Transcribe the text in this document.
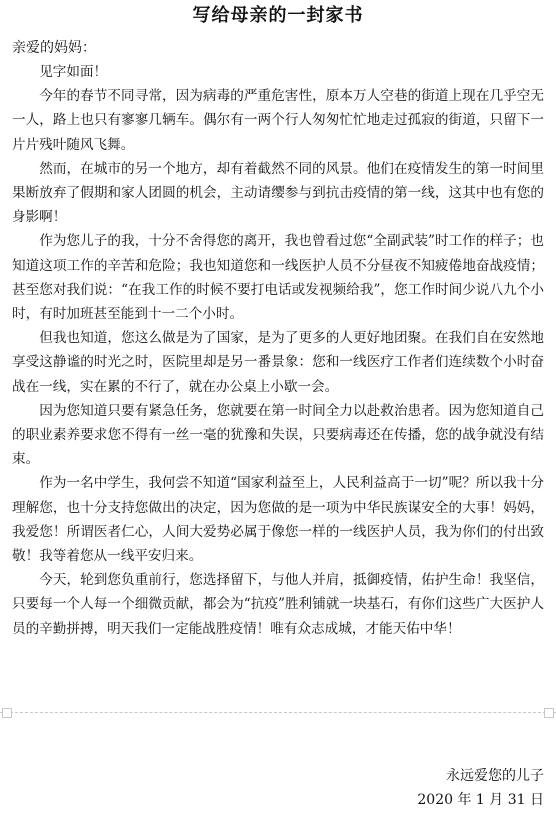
写给母亲的一封家书
亲爱的妈妈：

见字如面！

今年的春节不同寻常，因为病毒的严重危害性，原本万人空巷的街道上现在几乎空无一人，路上也只有寥寥几辆车。偶尔有一两个行人匆匆忙忙地走过孤寂的街道，只留下一片片残叶随风飞舞。

然而，在城市的另一个地方，却有着截然不同的风景。他们在疫情发生的第一时间里果断放弃了假期和家人团圆的机会，主动请缨参与到抗击疫情的第一线，这其中也有您的身影啊！

作为您儿子的我，十分不舍得您的离开，我也曾看过您“全副武装”时工作的样子；也知道这项工作的辛苦和危险；我也知道您和一线医护人员不分昼夜不知疲倦地奋战疫情；甚至您对我们说：“在我工作的时候不要打电话或发视频给我”，您工作时间少说八九个小时，有时加班甚至能到十一二个小时。

但我也知道，您这么做是为了国家，是为了更多的人更好地团聚。在我们自在安然地享受这静谧的时光之时，医院里却是另一番景象：您和一线医疗工作者们连续数个小时奋战在一线，实在累的不行了，就在办公桌上小歇一会。

因为您知道只要有紧急任务，您就要在第一时间全力以赴救治患者。因为您知道自己的职业素养要求您不得有一丝一毫的犹豫和失误，只要病毒还在传播，您的战争就没有结束。

作为一名中学生，我何尝不知道“国家利益至上，人民利益高于一切”呢？所以我十分理解您，也十分支持您做出的决定，因为您做的是一项为中华民族谋安全的大事！妈妈，我爱您！所谓医者仁心，人间大爱势必属于像您一样的一线医护人员，我为你们的付出致敬！我等着您从一线平安归来。

今天，轮到您负重前行，您选择留下，与他人并肩，抵御疫情，佑护生命！我坚信，只要每一个人每一个细微贡献，都会为“抗疫”胜利铺就一块基石，有你们这些广大医护人员的辛勤拼搏，明天我们一定能战胜疫情！唯有众志成城，才能天佑中华！

永远爱您的儿子
2020 年 1 月 31 日
